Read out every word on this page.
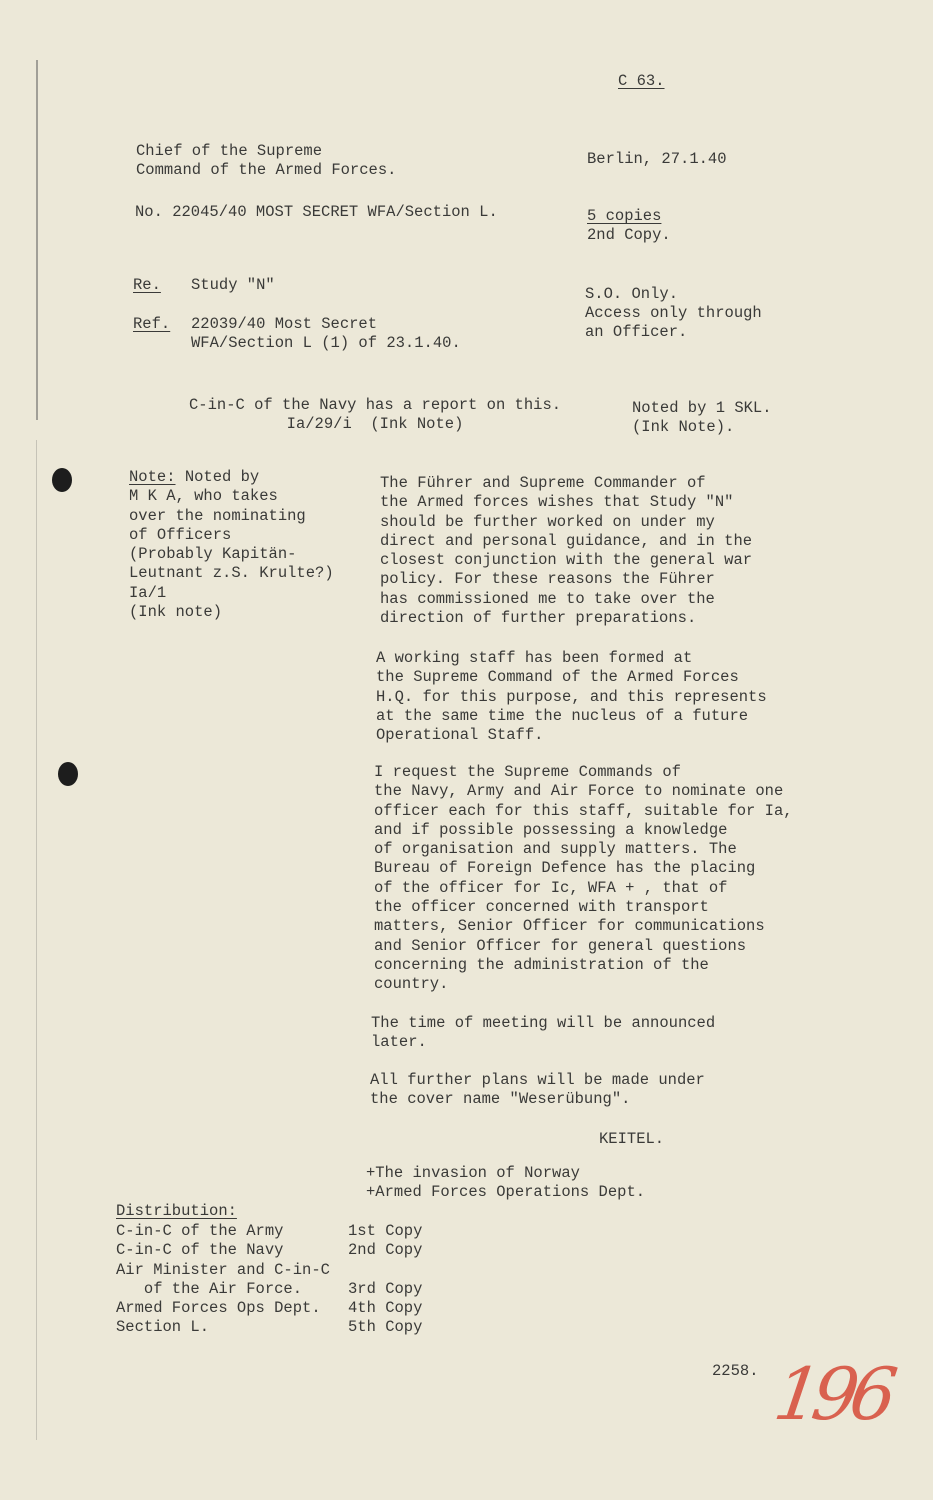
C 63.
Chief of the Supreme
Command of the Armed Forces.
Berlin, 27.1.40
No. 22045/40 MOST SECRET WFA/Section L.	5 copies
2nd Copy.
Re. Study "N"
Ref. 22039/40 Most Secret
WFA/Section L (1) of 23.1.40.
S.O. Only.
Access only through
an Officer.
C-in-C of the Navy has a report on this.
Ia/29/i  (Ink Note)
Noted by 1 SKL.
(Ink Note).
Note: Noted by
M K A, who takes
over the nominating
of Officers
(Probably Kapitän-
Leutnant z.S. Krulte?)
Ia/1
(Ink note)
The Führer and Supreme Commander of
the Armed forces wishes that Study "N"
should be further worked on under my
direct and personal guidance, and in the
closest conjunction with the general war
policy. For these reasons the Führer
has commissioned me to take over the
direction of further preparations.
A working staff has been formed at
the Supreme Command of the Armed Forces
H.Q. for this purpose, and this represents
at the same time the nucleus of a future
Operational Staff.
I request the Supreme Commands of
the Navy, Army and Air Force to nominate one
officer each for this staff, suitable for Ia,
and if possible possessing a knowledge
of organisation and supply matters. The
Bureau of Foreign Defence has the placing
of the officer for Ic, WFA + , that of
the officer concerned with transport
matters, Senior Officer for communications
and Senior Officer for general questions
concerning the administration of the
country.
The time of meeting will be announced
later.
All further plans will be made under
the cover name "Weserübung".
KEITEL.
+The invasion of Norway
+Armed Forces Operations Dept.
Distribution:
C-in-C of the Army	1st Copy
C-in-C of the Navy	2nd Copy
Air Minister and C-in-C
of the Air Force.	3rd Copy
Armed Forces Ops Dept. 4th Copy
Section L.	5th Copy
2258. 196
